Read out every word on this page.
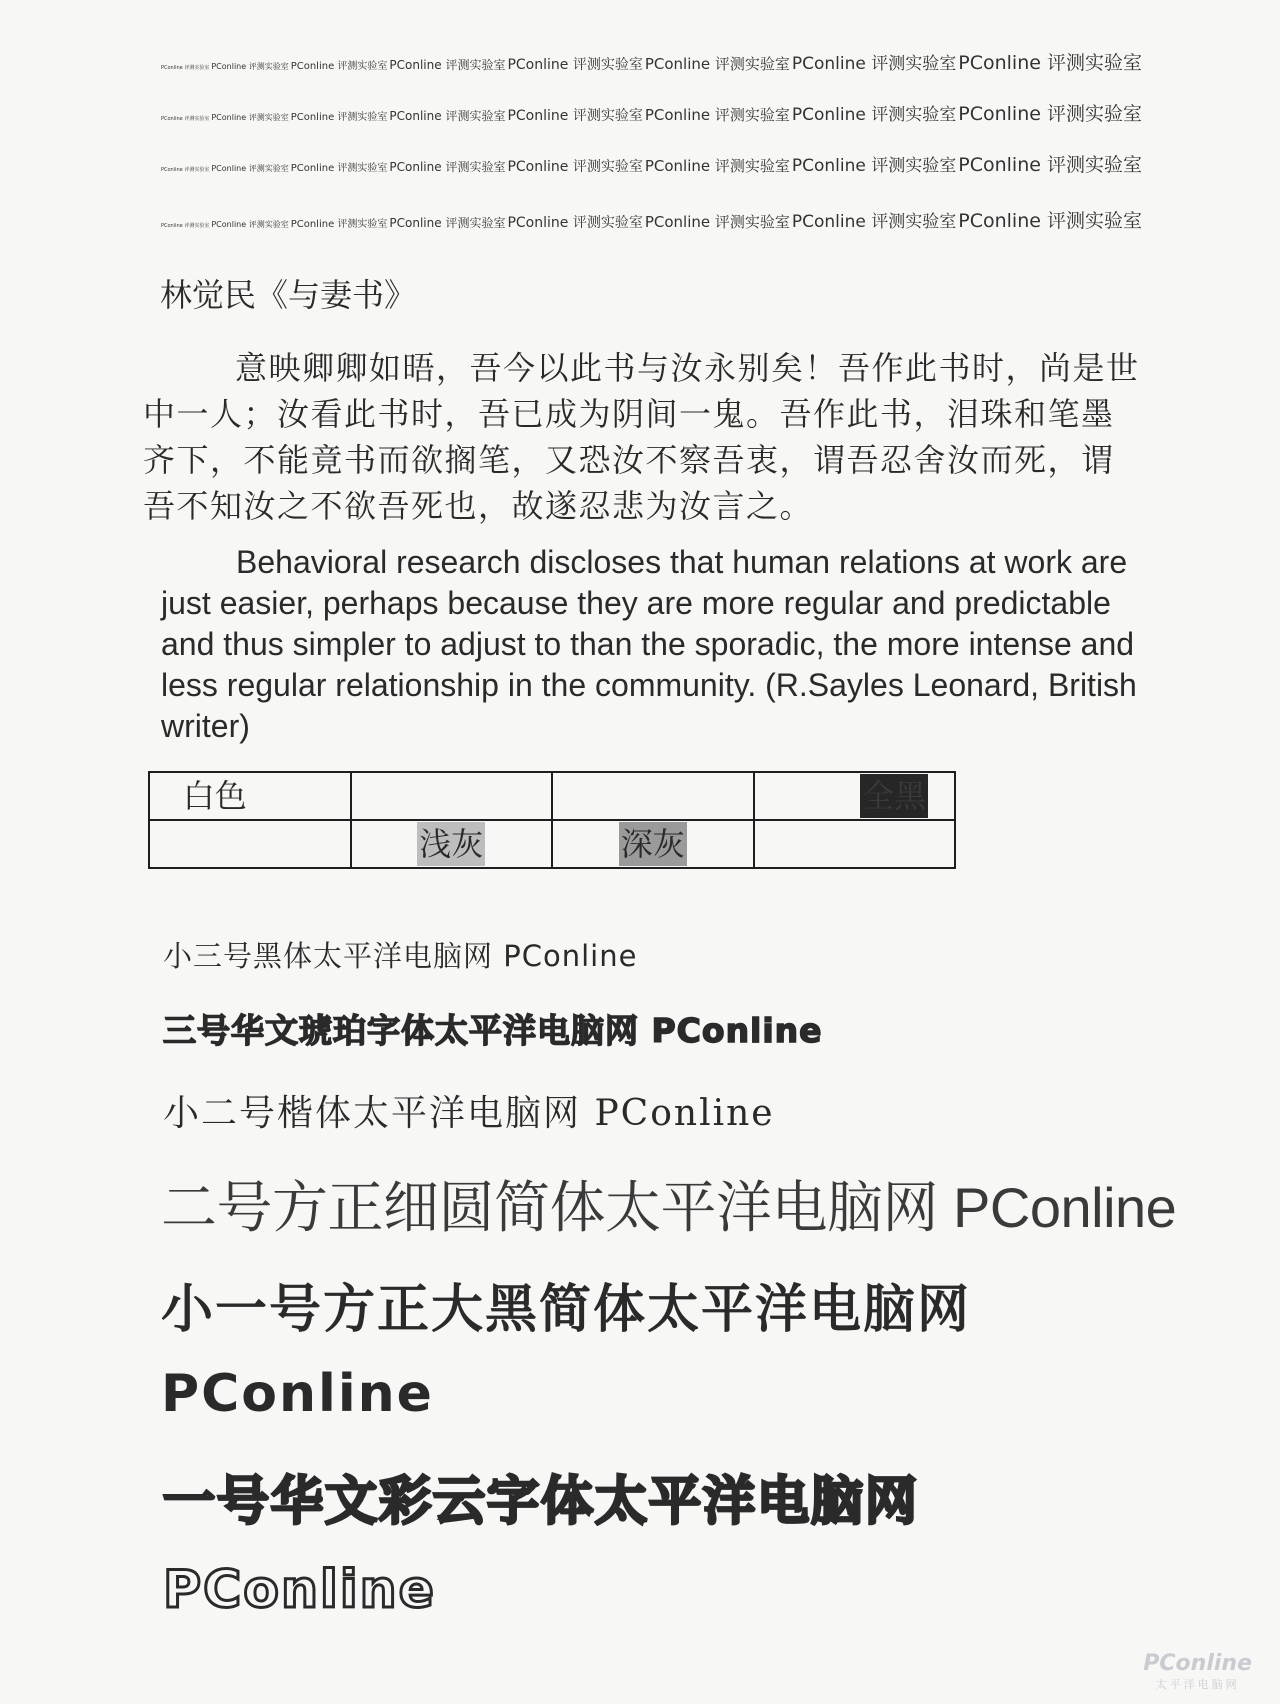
PConline 评测实验室 PConline 评测实验室 PConline 评测实验室 PConline 评测实验室 PConline 评测实验室 PConline 评测实验室 PConline 评测实验室 PConline 评测实验室
PConline 评测实验室 PConline 评测实验室 PConline 评测实验室 PConline 评测实验室 PConline 评测实验室 PConline 评测实验室 PConline 评测实验室 PConline 评测实验室
PConline 评测实验室 PConline 评测实验室 PConline 评测实验室 PConline 评测实验室 PConline 评测实验室 PConline 评测实验室 PConline 评测实验室 PConline 评测实验室
PConline 评测实验室 PConline 评测实验室 PConline 评测实验室 PConline 评测实验室 PConline 评测实验室 PConline 评测实验室 PConline 评测实验室 PConline 评测实验室
林觉民《与妻书》
意映卿卿如晤，吾今以此书与汝永别矣！吾作此书时，尚是世中一人；汝看此书时，吾已成为阴间一鬼。吾作此书，泪珠和笔墨齐下，不能竟书而欲搁笔，又恐汝不察吾衷，谓吾忍舍汝而死，谓吾不知汝之不欲吾死也，故遂忍悲为汝言之。
Behavioral research discloses that human relations at work are just easier, perhaps because they are more regular and predictable and thus simpler to adjust to than the sporadic, the more intense and less regular relationship in the community. (R.Sayles Leonard, British writer)
白色			全黑
	浅灰	深灰	
小三号黑体太平洋电脑网 PConline
三号华文琥珀字体太平洋电脑网 PConline
小二号楷体太平洋电脑网 PConline
二号方正细圆简体太平洋电脑网 PConline
小一号方正大黑简体太平洋电脑网 PConline
一号华文彩云字体太平洋电脑网 PConline
PConline
太平洋电脑网
